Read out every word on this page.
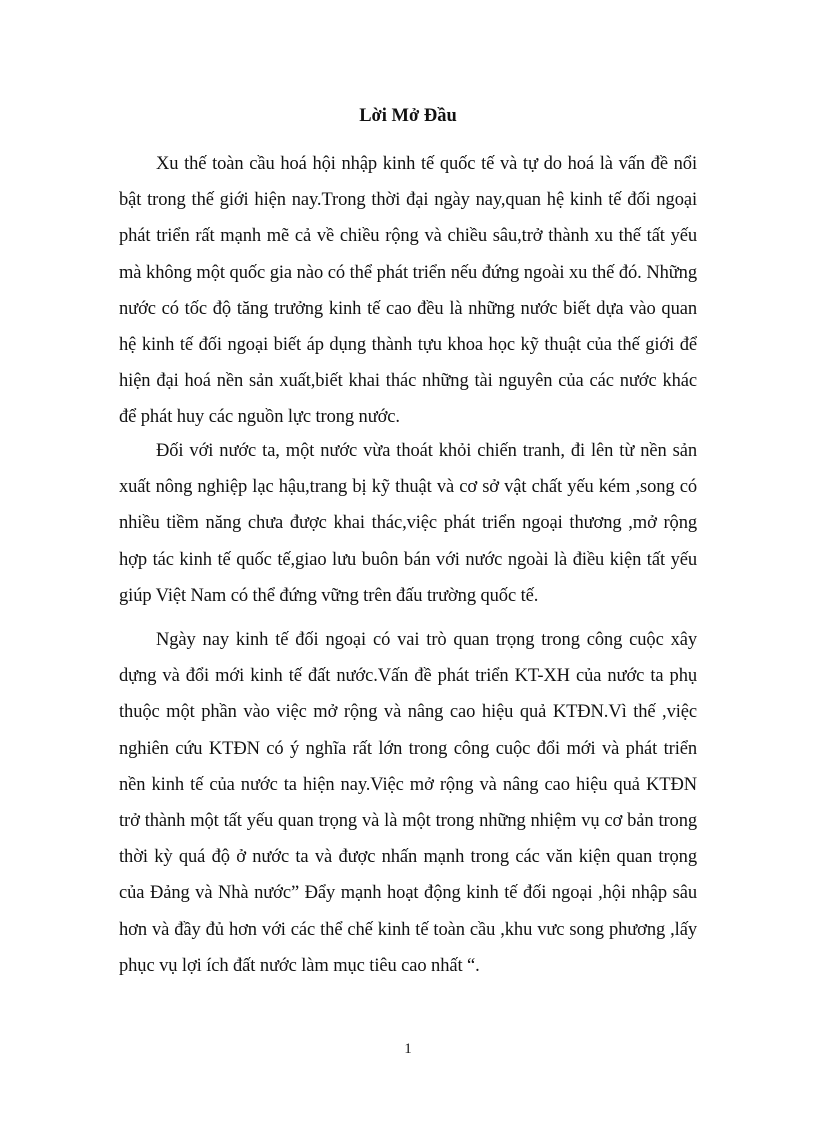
Lời Mở Đầu

Xu thế toàn cầu hoá hội nhập kinh tế quốc tế và tự do hoá là vấn đề nổi bật trong thế giới hiện nay.Trong thời đại ngày nay,quan hệ kinh tế đối ngoại phát triển rất mạnh mẽ cả về chiều rộng và chiều sâu,trở thành xu thế tất yếu mà không một quốc gia nào có thể phát triển nếu đứng ngoài xu thế đó. Những nước có tốc độ tăng trưởng kinh tế cao đều là những nước biết dựa vào quan hệ kinh tế đối ngoại biết áp dụng thành tựu khoa học kỹ thuật của thế giới để hiện đại hoá nền sản xuất,biết khai thác những tài nguyên của các nước khác để phát huy các nguồn lực trong nước.

Đối với nước ta, một nước vừa thoát khỏi chiến tranh, đi lên từ nền sản xuất nông nghiệp lạc hậu,trang bị kỹ thuật và cơ sở vật chất yếu kém ,song có nhiều tiềm năng chưa được khai thác,việc phát triển ngoại thương ,mở rộng hợp tác kinh tế quốc tế,giao lưu buôn bán với nước ngoài là điều kiện tất yếu giúp Việt Nam có thể đứng vững trên đấu trường quốc tế.

Ngày nay kinh tế đối ngoại có vai trò quan trọng trong công cuộc xây dựng và đổi mới kinh tế đất nước.Vấn đề phát triển KT-XH của nước ta phụ thuộc một phần vào việc mở rộng và nâng cao hiệu quả KTĐN.Vì thế ,việc nghiên cứu KTĐN có ý nghĩa rất lớn trong công cuộc đổi mới và phát triển nền kinh tế của nước ta hiện nay.Việc mở rộng và nâng cao hiệu quả KTĐN trở thành một tất yếu quan trọng và là một trong những nhiệm vụ cơ bản trong thời kỳ quá độ ở nước ta và được nhấn mạnh trong các văn kiện quan trọng của Đảng và Nhà nước” Đẩy mạnh hoạt động kinh tế đối ngoại ,hội nhập sâu hơn và đầy đủ hơn với các thể chế kinh tế toàn cầu ,khu vưc song phương ,lấy phục vụ lợi ích đất nước làm mục tiêu cao nhất “.

1
